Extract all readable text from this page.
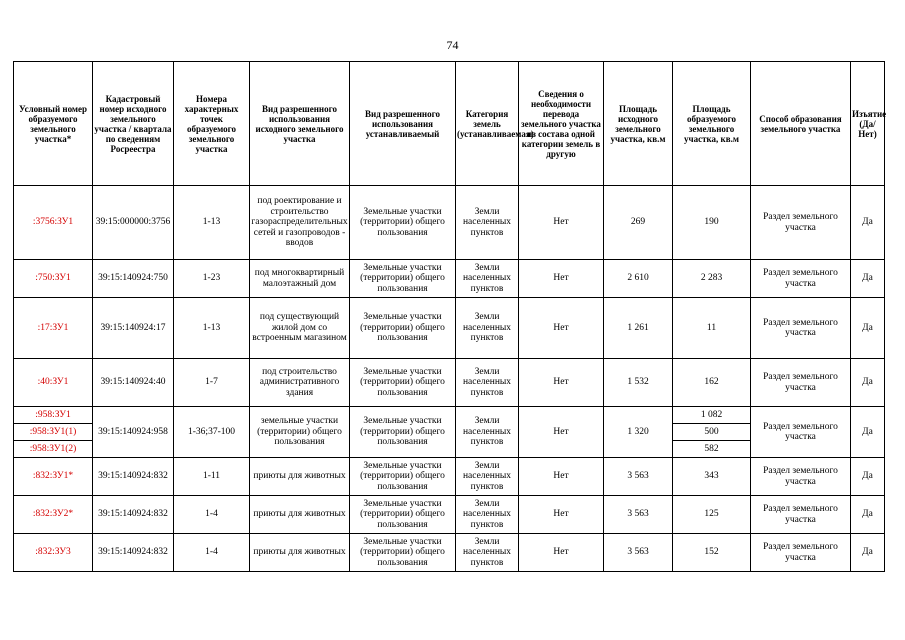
74
Условный номер образуемого земельного участка*	Кадастровый номер исходного земельного участка / квартала по сведениям Росреестра	Номера характерных точек образуемого земельного участка	Вид разрешенного использования исходного земельного участка	Вид разрешенного использования устанавливаемый	Категория земель (устанавливаемая)	Сведения о необходимости перевода земельного участка из состава одной категории земель в другую	Площадь исходного земельного участка, кв.м	Площадь образуемого земельного участка, кв.м	Способ образования земельного участка	Изъятие (Да/Нет)
:3756:ЗУ1	39:15:000000:3756	1-13	под роектирование и строительство газораспределительных сетей и газопроводов - вводов	Земельные участки (территории) общего пользования	Земли населенных пунктов	Нет	269	190	Раздел земельного участка	Да
:750:ЗУ1	39:15:140924:750	1-23	под многоквартирный малоэтажный дом	Земельные участки (территории) общего пользования	Земли населенных пунктов	Нет	2 610	2 283	Раздел земельного участка	Да
:17:ЗУ1	39:15:140924:17	1-13	под существующий жилой дом со встроенным магазином	Земельные участки (территории) общего пользования	Земли населенных пунктов	Нет	1 261	11	Раздел земельного участка	Да
:40:ЗУ1	39:15:140924:40	1-7	под строительство административного здания	Земельные участки (территории) общего пользования	Земли населенных пунктов	Нет	1 532	162	Раздел земельного участка	Да
:958:ЗУ1	39:15:140924:958	1-36;37-100	земельные участки (территории) общего пользования	Земельные участки (территории) общего пользования	Земли населенных пунктов	Нет	1 320	1 082	Раздел земельного участка	Да
:958:ЗУ1(1)								500		
:958:ЗУ1(2)								582		
:832:ЗУ1*	39:15:140924:832	1-11	приюты для животных	Земельные участки (территории) общего пользования	Земли населенных пунктов	Нет	3 563	343	Раздел земельного участка	Да
:832:ЗУ2*	39:15:140924:832	1-4	приюты для животных	Земельные участки (территории) общего пользования	Земли населенных пунктов	Нет	3 563	125	Раздел земельного участка	Да
:832:ЗУ3	39:15:140924:832	1-4	приюты для животных	Земельные участки (территории) общего пользования	Земли населенных пунктов	Нет	3 563	152	Раздел земельного участка	Да
